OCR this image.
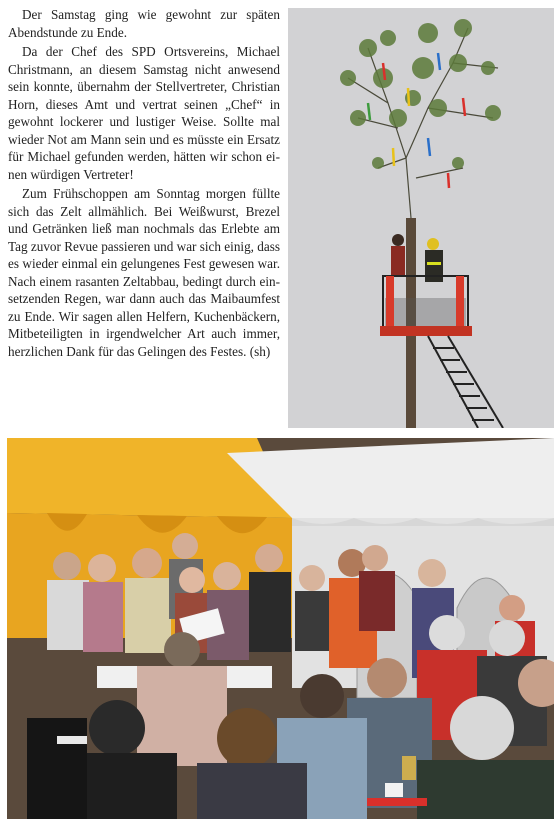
Der Samstag ging wie gewohnt zur späten Abendstunde zu Ende.

Da der Chef des SPD Ortsvereins, Michael Christmann, an diesem Samstag nicht anwesend sein konnte, übernahm der Stellvertreter, Christian Horn, dieses Amt und vertrat seinen „Chef“ in gewohnt lockerer und lustiger Weise. Sollte mal wieder Not am Mann sein und es müsste ein Ersatz für Michael gefunden werden, hätten wir schon einen würdigen Vertreter!

Zum Frühschoppen am Sonntag morgen füllte sich das Zelt allmählich. Bei Weißwurst, Brezel und Getränken ließ man nochmals das Erlebte am Tag zuvor Revue passieren und war sich einig, dass es wieder einmal ein gelungenes Fest gewesen war. Nach einem rasanten Zeltabbau, bedingt durch einsetzenden Regen, war dann auch das Maibaumfest zu Ende. Wir sagen allen Helfern, Kuchenbäckern, Mitbeteiligten in irgendwelcher Art auch immer, herzlichen Dank für das Gelingen des Festes. (sh)
